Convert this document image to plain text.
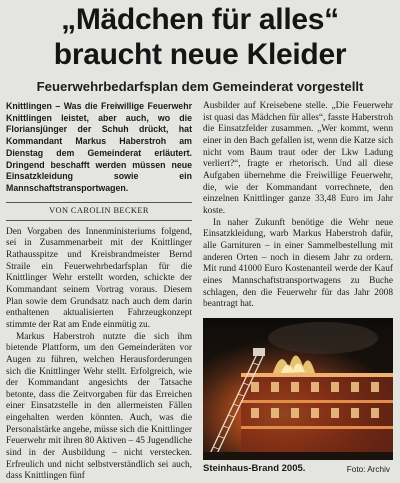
„Mädchen für alles“
braucht neue Kleider
Feuerwehrbedarfsplan dem Gemeinderat vorgestellt

Knittlingen – Was die Freiwillige Feuerwehr Knittlingen leistet, aber auch, wo die Floriansjünger der Schuh drückt, hat Kommandant Markus Haberstroh am Dienstag dem Gemeinderat erläutert. Dringend beschafft werden müssen neue Einsatzkleidung sowie ein Mannschaftstransportwagen.

VON CAROLIN BECKER

Den Vorgaben des Innenministeriums folgend, sei in Zusammenarbeit mit der Knittlinger Rathausspitze und Kreisbrandmeister Bernd Straile ein Feuerwehrbedarfsplan für die Knittlinger Wehr erstellt worden, schickte der Kommandant seinem Vortrag voraus. Diesem Plan sowie dem Grundsatz nach auch dem darin enthaltenen aktualisierten Fahrzeugkonzept stimmte der Rat am Ende einmütig zu.

Markus Haberstroh nutzte die sich ihm bietende Plattform, um den Gemeinderäten vor Augen zu führen, welchen Herausforderungen sich die Knittlinger Wehr stellt. Erfolgreich, wie der Kommandant angesichts der Tatsache betonte, dass die Zeitvorgaben für das Erreichen einer Einsatzstelle in den allermeisten Fällen eingehalten werden könnten. Auch, was die Personalstärke angehe, müsse sich die Knittlinger Feuerwehr mit ihren 80 Aktiven – 45 Jugendliche sind in der Ausbildung – nicht verstecken. Erfreulich und nicht selbstverständlich sei auch, dass Knittlingen fünf

Ausbilder auf Kreisebene stelle. „Die Feuerwehr ist quasi das Mädchen für alles“, fasste Haberstroh die Einsatzfelder zusammen. „Wer kommt, wenn einer in den Bach gefallen ist, wenn die Katze sich nicht vom Baum traut oder der Lkw Ladung verliert?“, fragte er rhetorisch. Und all diese Aufgaben übernehme die Freiwillige Feuerwehr, die, wie der Kommandant vorrechnete, den einzelnen Knittlinger ganze 33,48 Euro im Jahr koste.

In naher Zukunft benötige die Wehr neue Einsatzkleidung, warb Markus Haberstroh dafür, alle Garnituren – in einer Sammelbestellung mit anderen Orten – noch in diesem Jahr zu ordern. Mit rund 41000 Euro Kostenanteil werde der Kauf eines Mannschaftstransportwagens zu Buche schlagen, den die Feuerwehr für das Jahr 2008 beantragt hat.

Steinhaus-Brand 2005.	Foto: Archiv
